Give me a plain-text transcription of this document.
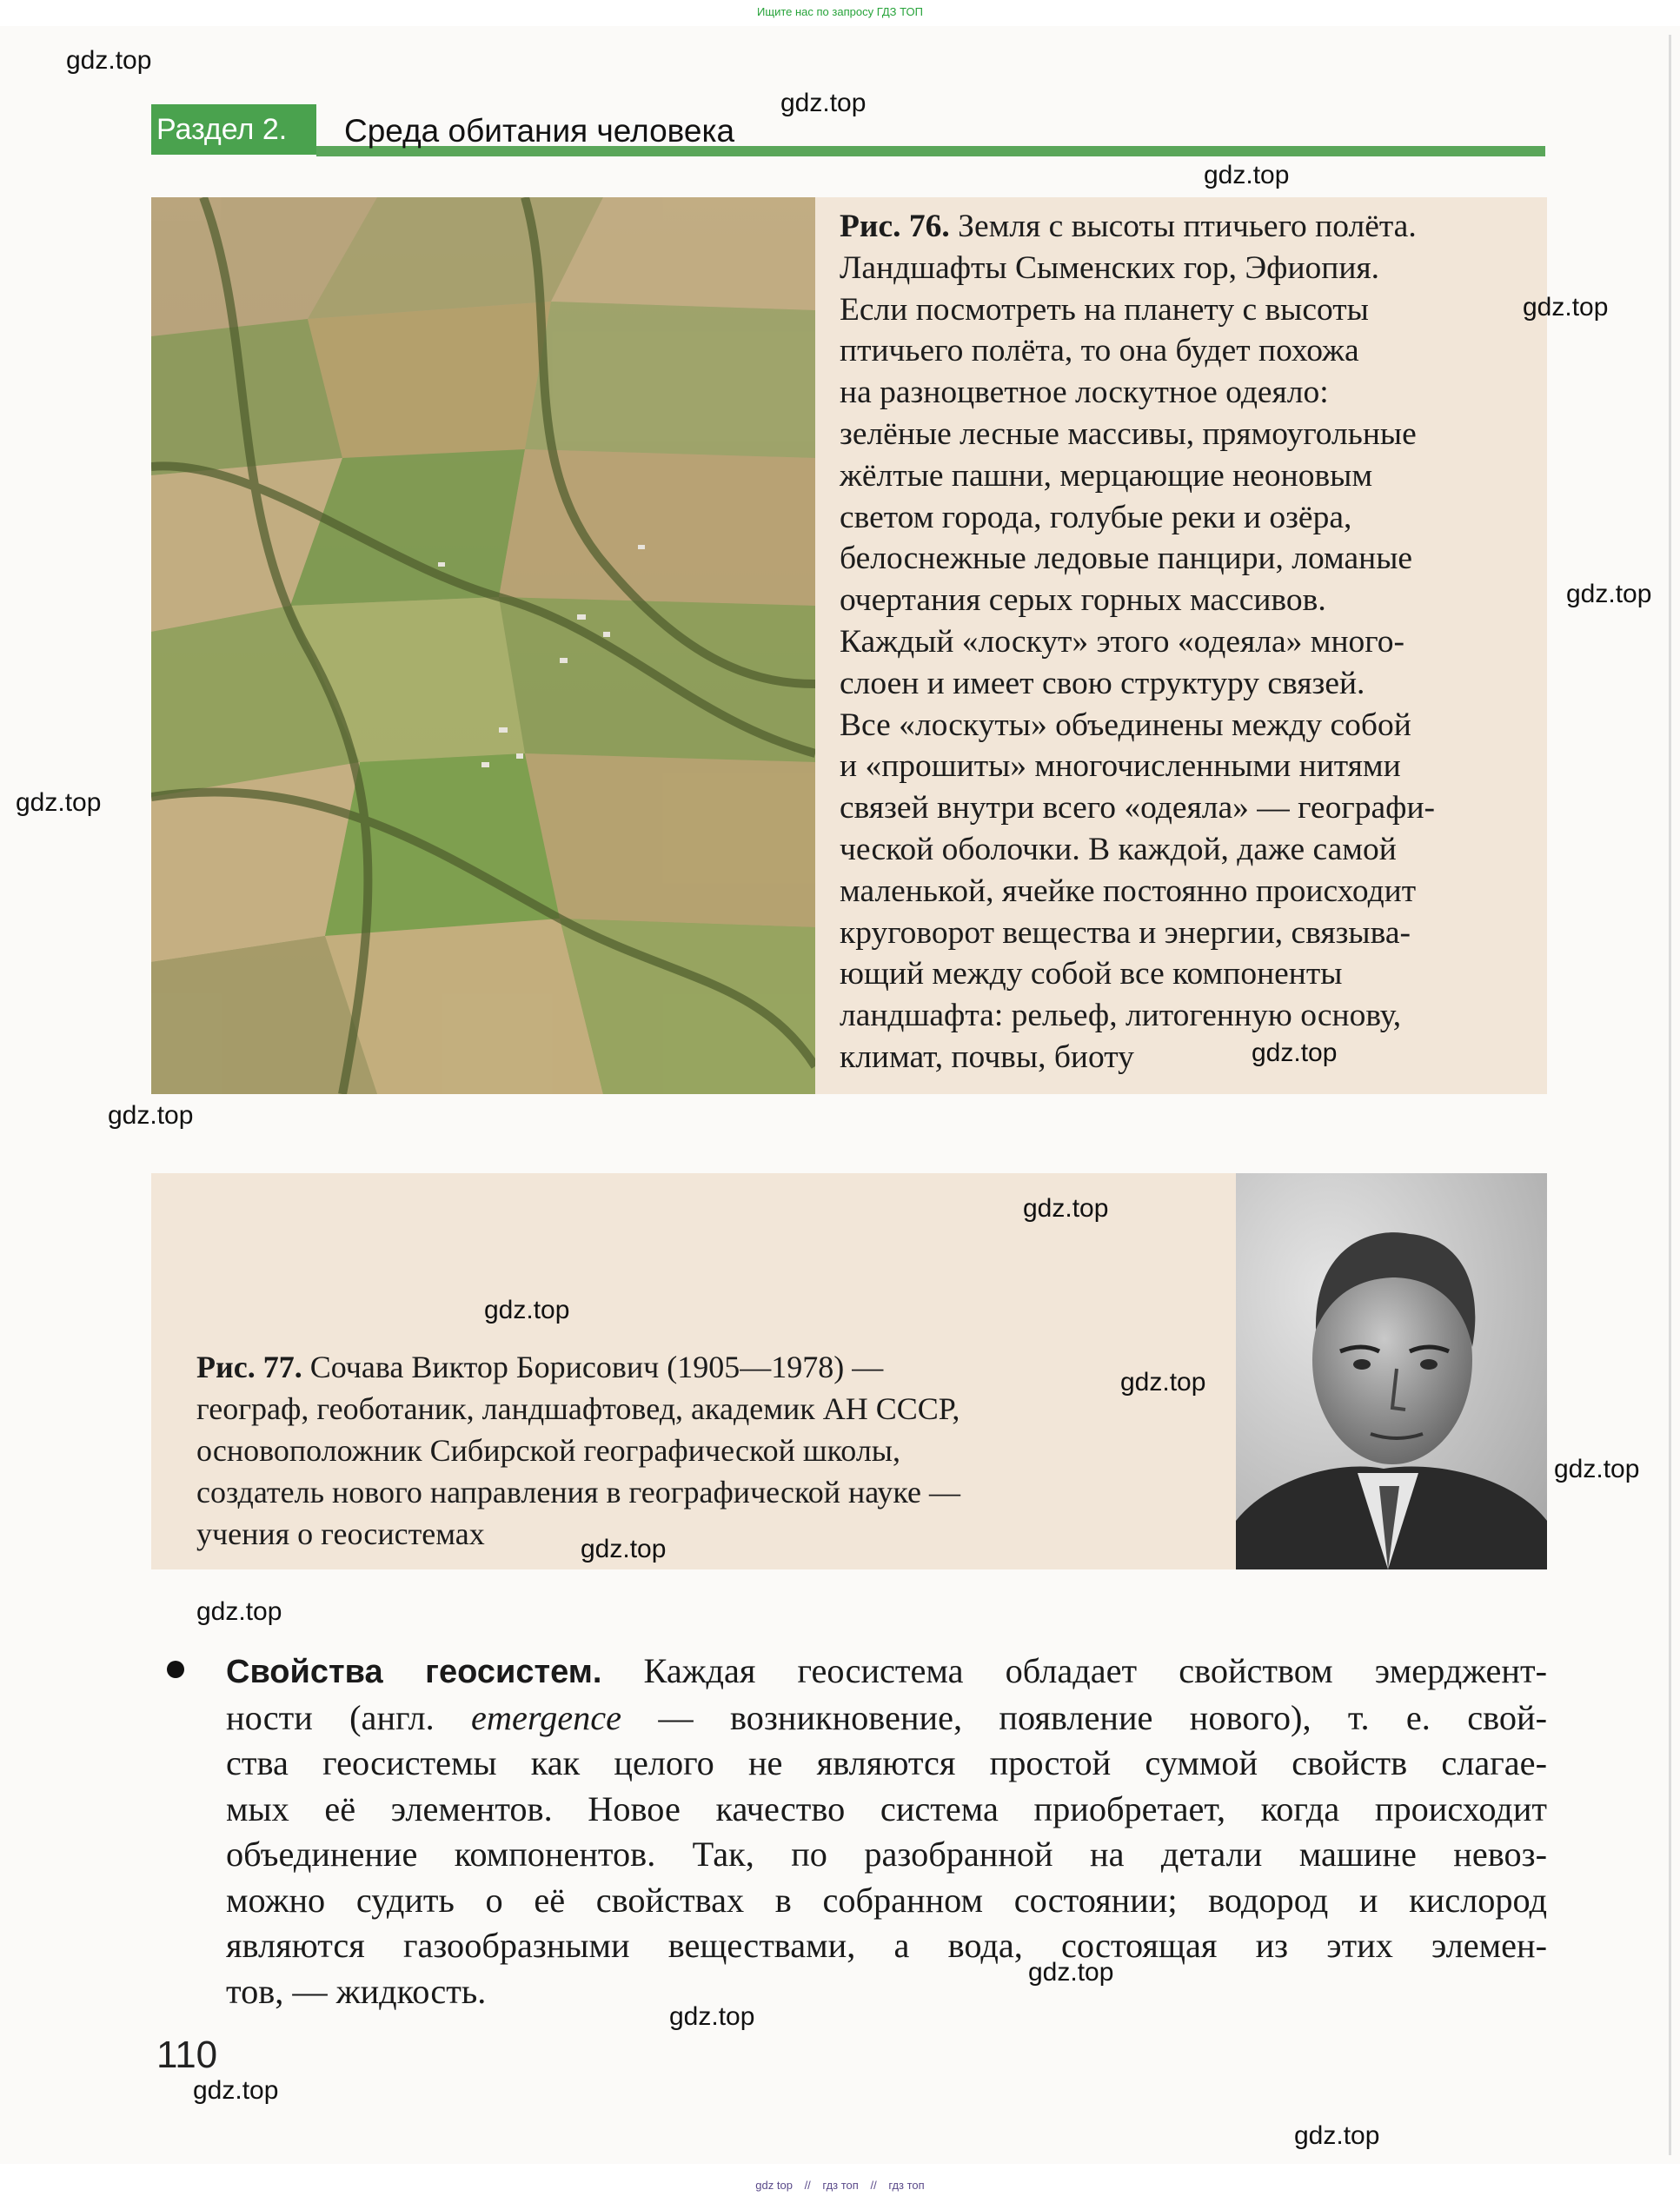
Ищите нас по запросу ГДЗ ТОП

Раздел 2.	Среда обитания человека
Рис. 76. Земля с высоты птичьего полёта.
Ландшафты Сыменских гор, Эфиопия.
Если посмотреть на планету с высоты
птичьего полёта, то она будет похожа
на разноцветное лоскутное одеяло:
зелёные лесные массивы, прямоугольные
жёлтые пашни, мерцающие неоновым
светом города, голубые реки и озёра,
белоснежные ледовые панцири, ломаные
очертания серых горных массивов.
Каждый «лоскут» этого «одеяла» много-
слоен и имеет свою структуру связей.
Все «лоскуты» объединены между собой
и «прошиты» многочисленными нитями
связей внутри всего «одеяла» — географи-
ческой оболочки. В каждой, даже самой
маленькой, ячейке постоянно происходит
круговорот вещества и энергии, связыва-
ющий между собой все компоненты
ландшафта: рельеф, литогенную основу,
климат, почвы, биоту
Рис. 77. Сочава Виктор Борисович (1905—1978) —
географ, геоботаник, ландшафтовед, академик АН СССР,
основоположник Сибирской географической школы,
создатель нового направления в географической науке —
учения о геосистемах
Свойства геосистем. Каждая геосистема обладает свойством эмерджент-
ности (англ. emergence — возникновение, появление нового), т. е. свой-
ства геосистемы как целого не являются простой суммой свойств слагае-
мых её элементов. Новое качество система приобретает, когда происходит
объединение компонентов. Так, по разобранной на детали машине невоз-
можно судить о её свойствах в собранном состоянии; водород и кислород
являются газообразными веществами, а вода, состоящая из этих элемен-
тов, — жидкость.
110
gdz.top
gdz.top
gdz.top
gdz.top
gdz.top
gdz.top
gdz.top
gdz.top
gdz.top
gdz.top
gdz.top
gdz.top
gdz.top
gdz.top
gdz.top
gdz.top
gdz.top
gdz.top
gdz top // гдз топ // гдз топ
